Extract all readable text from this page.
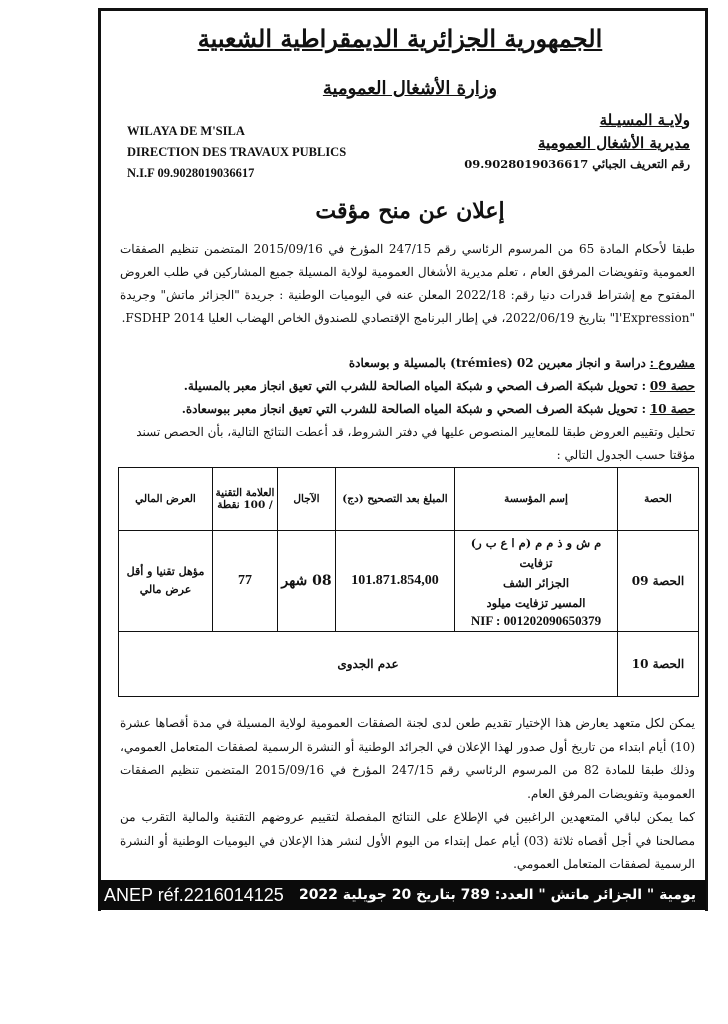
الجمهورية الجزائرية الديمقراطية الشعبية
وزارة الأشغال العمومية
WILAYA DE M'SILA
DIRECTION DES TRAVAUX PUBLICS
N.I.F 09.9028019036617
ولايـة المسيـلة
مديرية الأشغال العمومية
رقم التعريف الجبائي 09.9028019036617
إعلان عن منح مؤقت
طبقا لأحكام المادة 65 من المرسوم الرئاسي رقم 247/15 المؤرخ في 2015/09/16 المتضمن تنظيم الصفقات العمومية وتفويضات المرفق العام ، تعلم مديرية الأشغال العمومية لولاية المسيلة جميع المشاركين في طلب العروض المفتوح مع إشتراط قدرات دنيا رقم: 2022/18 المعلن عنه في اليوميات الوطنية : جريدة "الجزائر ماتش" وجريدة "l'Expression" بتاريخ 2022/06/19، في إطار البرنامج الإقتصادي للصندوق الخاص الهضاب العليا FSDHP 2014.
مشروع : دراسة و انجاز معبرين 02 (trémies) بالمسيلة و بوسعادة
حصة 09 : تحويل شبكة الصرف الصحي و شبكة المياه الصالحة للشرب التي تعيق انجاز معبر بالمسيلة.
حصة 10 : تحويل شبكة الصرف الصحي و شبكة المياه الصالحة للشرب التي تعيق انجاز معبر ببوسعادة.
تحليل وتقييم العروض طبقا للمعايير المنصوص عليها في دفتر الشروط، قد أعطت النتائج التالية، بأن الحصص تسند مؤقتا حسب الجدول التالي :
الحصة	إسم المؤسسة	المبلغ بعد التصحيح (دج)	الآجال	العلامة التقنية / 100 نقطة	العرض المالي
الحصة 09	م ش و ذ م م (م ا ع ب ر) تزفايت
الجزائر الشف
المسير تزفايت ميلود
NIF : 001202090650379	101.871.854,00	08 شهر	77	مؤهل تقنيا و أقل عرض مالي
الحصة 10	عدم الجدوى				
يمكن لكل متعهد يعارض هذا الإختيار تقديم طعن لدى لجنة الصفقات العمومية لولاية المسيلة في مدة أقصاها عشرة (10) أيام ابتداء من تاريخ أول صدور لهذا الإعلان في الجرائد الوطنية أو النشرة الرسمية لصفقات المتعامل العمومي، وذلك طبقا للمادة 82 من المرسوم الرئاسي رقم 247/15 المؤرخ في 2015/09/16 المتضمن تنظيم الصفقات العمومية وتفويضات المرفق العام.
كما يمكن لباقي المتعهدين الراغبين في الإطلاع على النتائج المفصلة لتقييم عروضهم التقنية والمالية التقرب من مصالحنا في أجل أقصاه ثلاثة (03) أيام عمل إبتداء من اليوم الأول لنشر هذا الإعلان في اليوميات الوطنية أو النشرة الرسمية لصفقات المتعامل العمومي.
ANEP réf.2216014125 يومية " الجزائر ماتش " العدد: 789 بتاريخ 20 جويلية 2022
